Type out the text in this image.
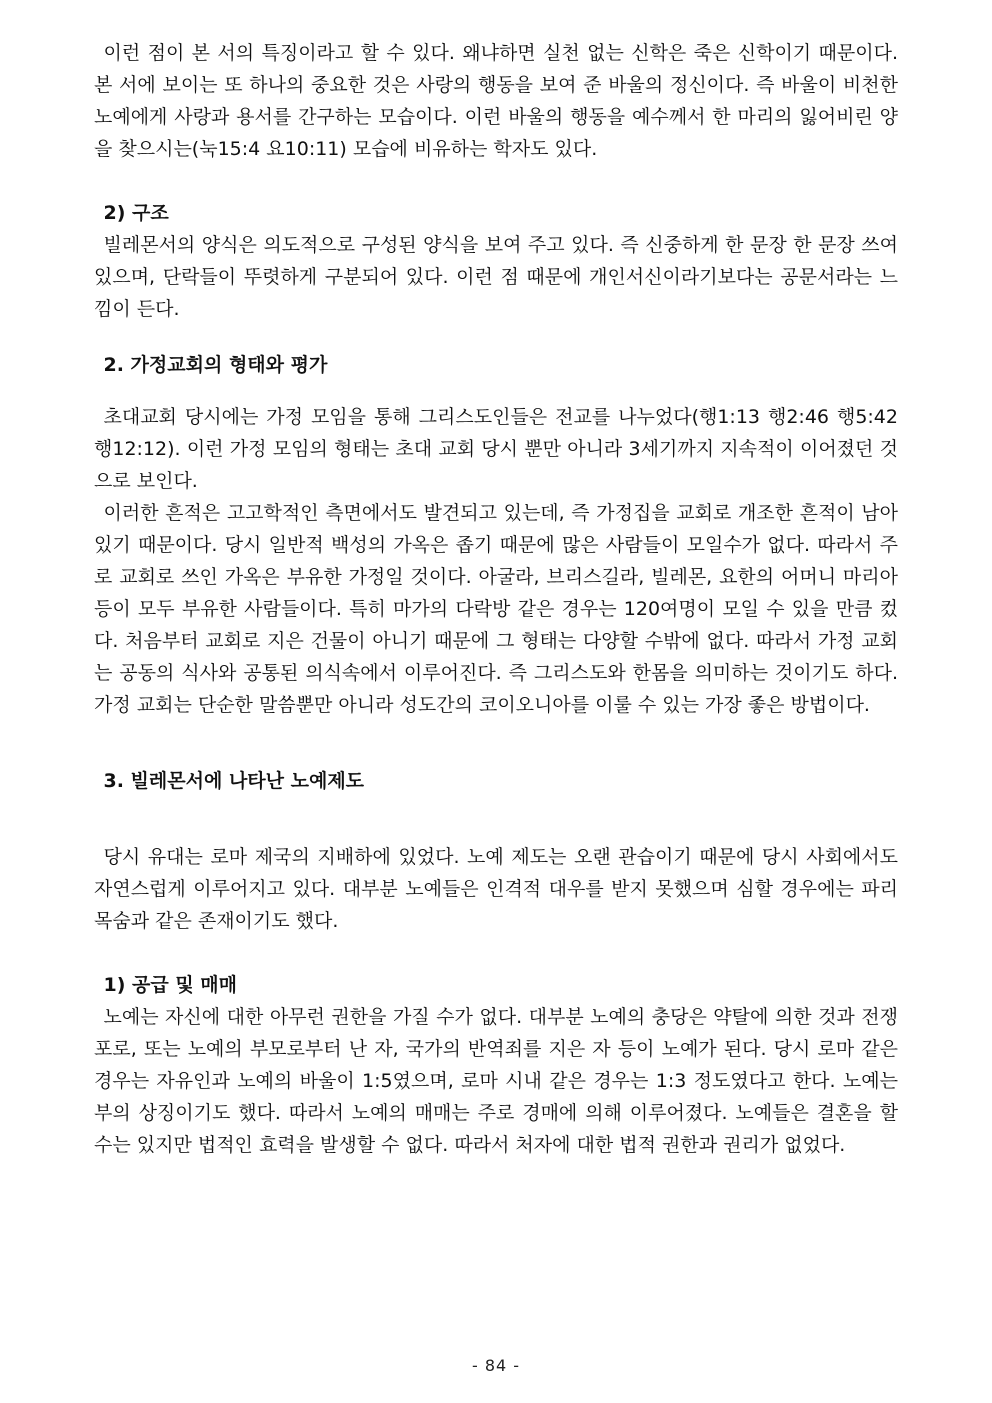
이런 점이 본 서의 특징이라고 할 수 있다. 왜냐하면 실천 없는 신학은 죽은 신학이기 때문이다. 본 서에 보이는 또 하나의 중요한 것은 사랑의 행동을 보여 준 바울의 정신이다. 즉 바울이 비천한 노예에게 사랑과 용서를 간구하는 모습이다. 이런 바울의 행동을 예수께서 한 마리의 잃어비린 양을 찾으시는(눅15:4 요10:11) 모습에 비유하는 학자도 있다.

2) 구조

빌레몬서의 양식은 의도적으로 구성된 양식을 보여 주고 있다. 즉 신중하게 한 문장 한 문장 쓰여 있으며, 단락들이 뚜렷하게 구분되어 있다. 이런 점 때문에 개인서신이라기보다는 공문서라는 느낌이 든다.

2. 가정교회의 형태와 평가

초대교회 당시에는 가정 모임을 통해 그리스도인들은 전교를 나누었다(행1:13 행2:46 행5:42 행12:12). 이런 가정 모임의 형태는 초대 교회 당시 뿐만 아니라 3세기까지 지속적이 이어졌던 것으로 보인다.

이러한 흔적은 고고학적인 측면에서도 발견되고 있는데, 즉 가정집을 교회로 개조한 흔적이 남아있기 때문이다. 당시 일반적 백성의 가옥은 좁기 때문에 많은 사람들이 모일수가 없다. 따라서 주로 교회로 쓰인 가옥은 부유한 가정일 것이다. 아굴라, 브리스길라, 빌레몬, 요한의 어머니 마리아 등이 모두 부유한 사람들이다. 특히 마가의 다락방 같은 경우는 120여명이 모일 수 있을 만큼 컸다. 처음부터 교회로 지은 건물이 아니기 때문에 그 형태는 다양할 수밖에 없다. 따라서 가정 교회는 공동의 식사와 공통된 의식속에서 이루어진다. 즉 그리스도와 한몸을 의미하는 것이기도 하다. 가정 교회는 단순한 말씀뿐만 아니라 성도간의 코이오니아를 이룰 수 있는 가장 좋은 방법이다.

3. 빌레몬서에 나타난 노예제도

당시 유대는 로마 제국의 지배하에 있었다. 노예 제도는 오랜 관습이기 때문에 당시 사회에서도 자연스럽게 이루어지고 있다. 대부분 노예들은 인격적 대우를 받지 못했으며 심할 경우에는 파리 목숨과 같은 존재이기도 했다.

1) 공급 및 매매

노예는 자신에 대한 아무런 권한을 가질 수가 없다. 대부분 노예의 충당은 약탈에 의한 것과 전쟁 포로, 또는 노예의 부모로부터 난 자, 국가의 반역죄를 지은 자 등이 노예가 된다. 당시 로마 같은 경우는 자유인과 노예의 바울이 1:5였으며, 로마 시내 같은 경우는 1:3 정도였다고 한다. 노예는 부의 상징이기도 했다. 따라서 노예의 매매는 주로 경매에 의해 이루어졌다. 노예들은 결혼을 할 수는 있지만 법적인 효력을 발생할 수 없다. 따라서 처자에 대한 법적 권한과 권리가 없었다.

- 84 -
